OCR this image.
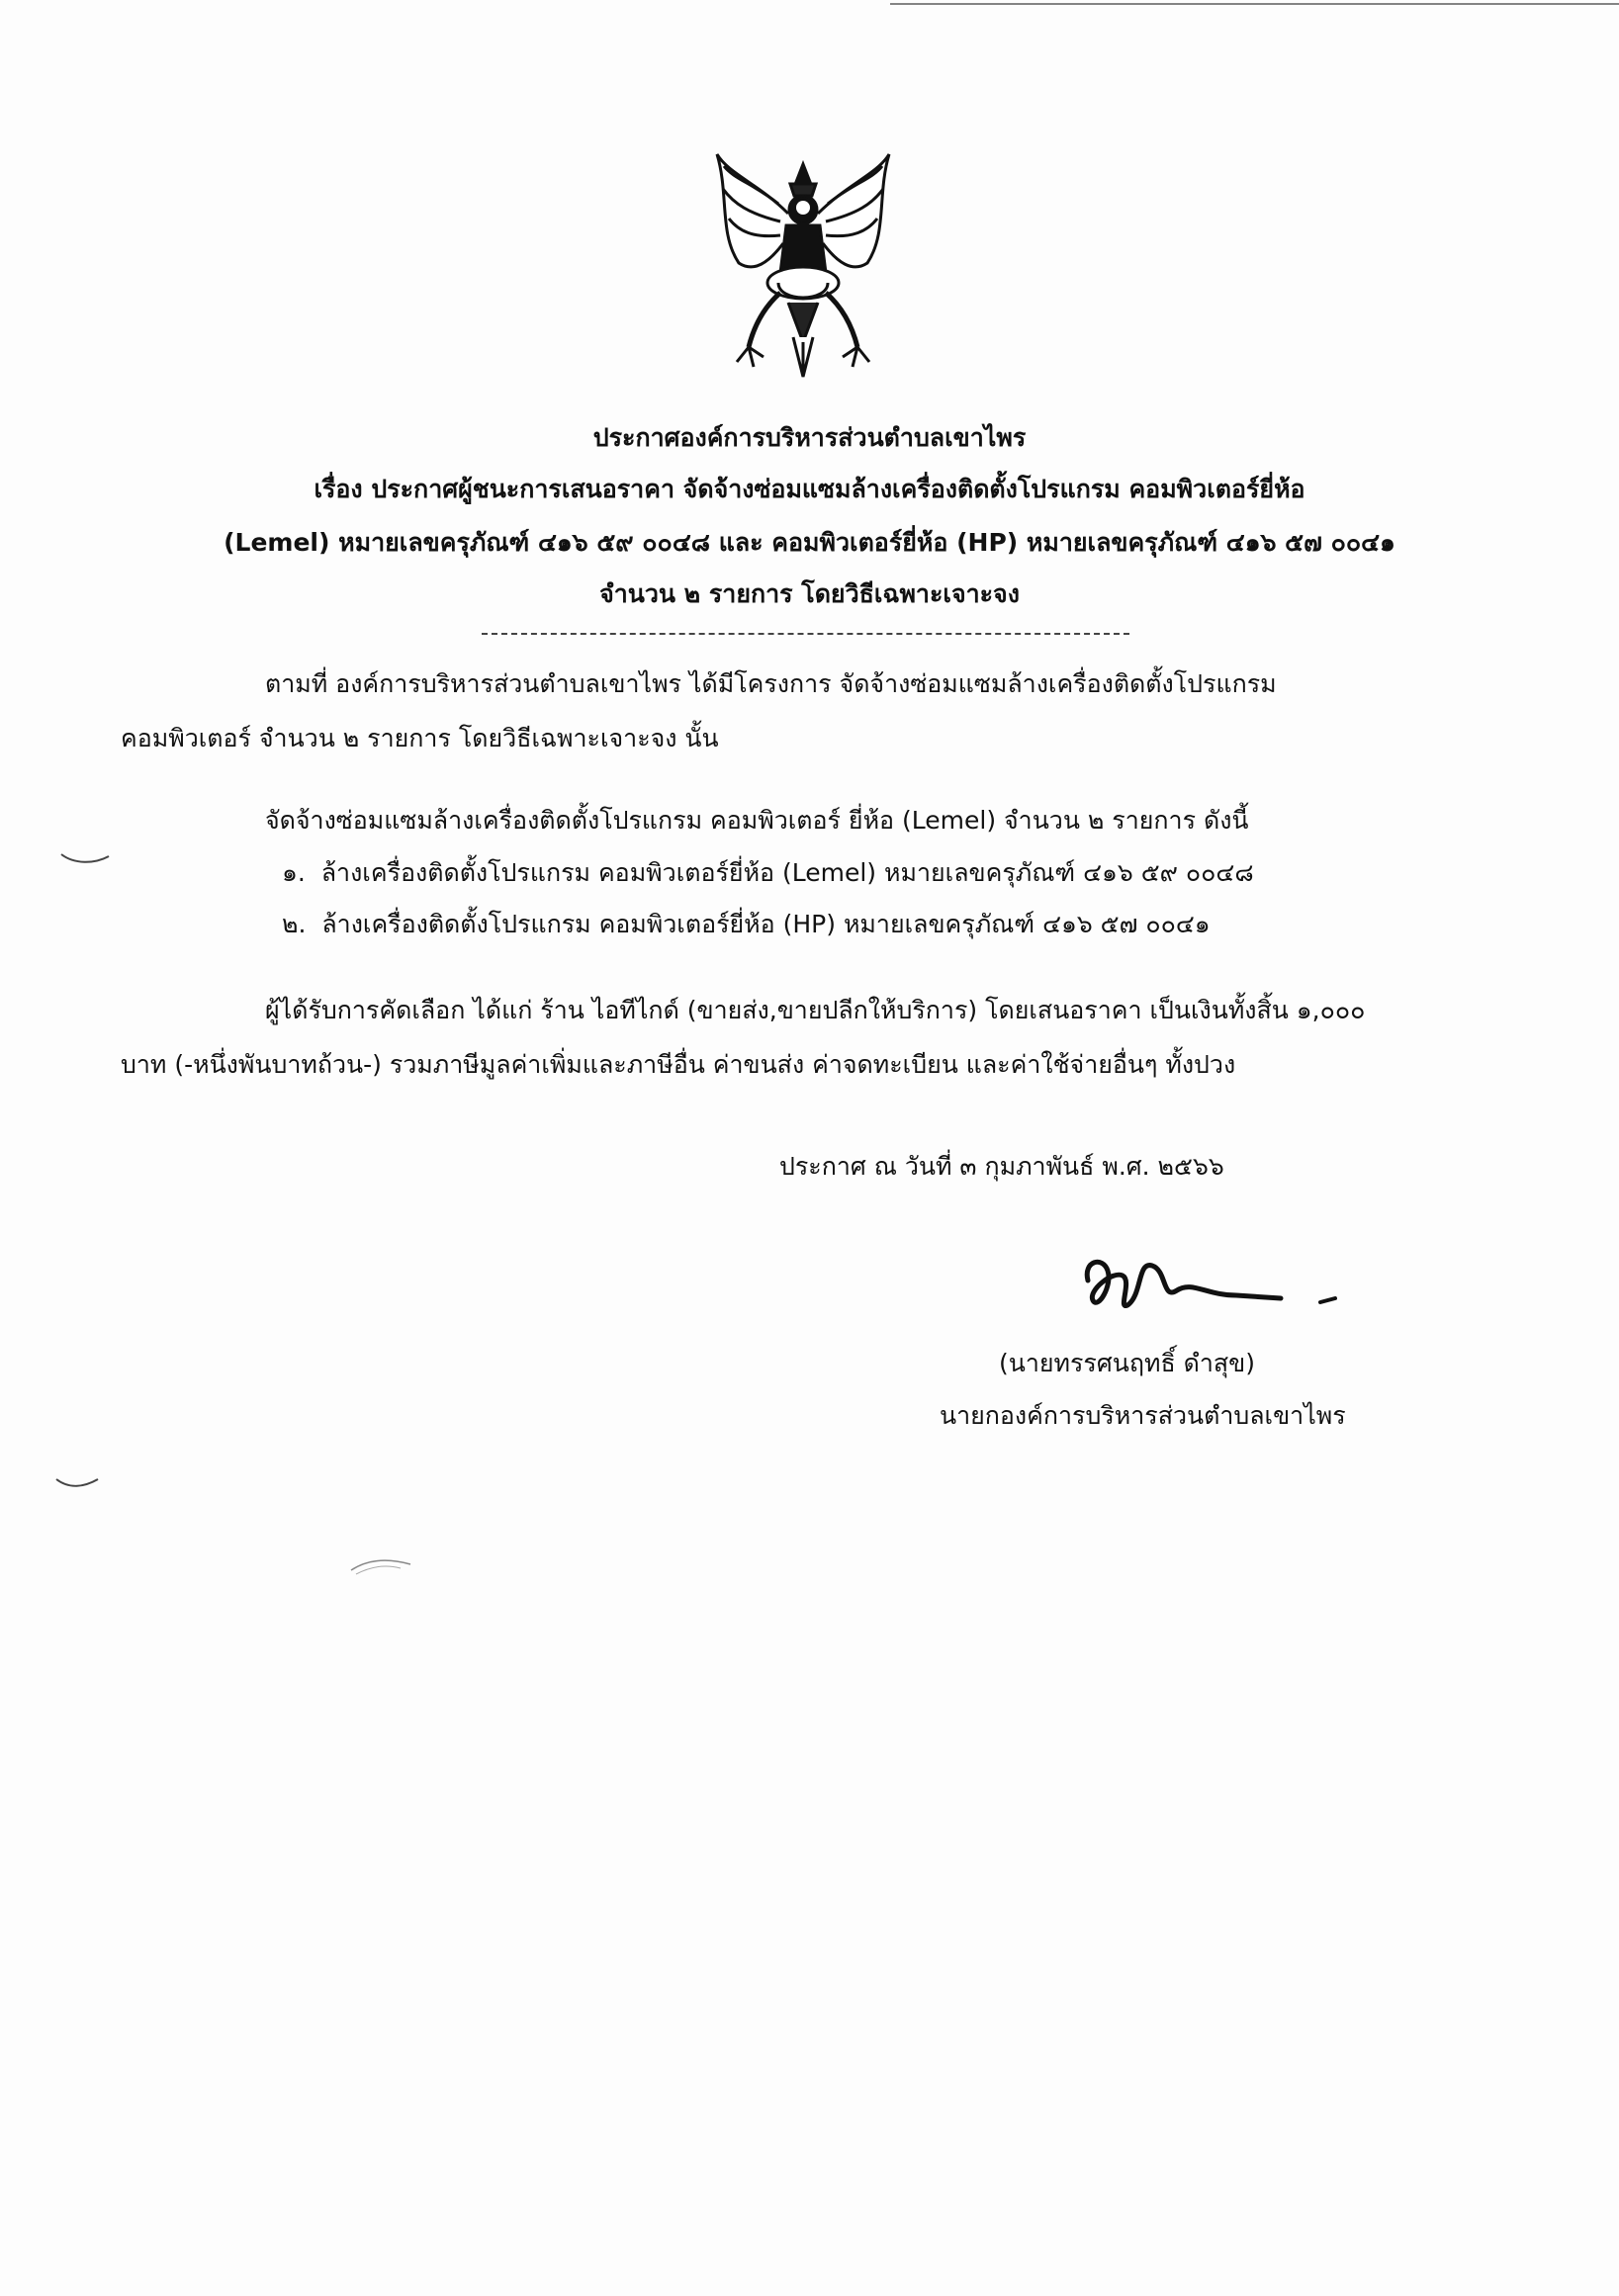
ประกาศองค์การบริหารส่วนตำบลเขาไพร
เรื่อง ประกาศผู้ชนะการเสนอราคา จัดจ้างซ่อมแซมล้างเครื่องติดตั้งโปรแกรม คอมพิวเตอร์ยี่ห้อ
(Lemel) หมายเลขครุภัณฑ์ ๔๑๖ ๕๙ ๐๐๔๘ และ คอมพิวเตอร์ยี่ห้อ (HP) หมายเลขครุภัณฑ์ ๔๑๖ ๕๗ ๐๐๔๑
จำนวน ๒ รายการ โดยวิธีเฉพาะเจาะจง
ตามที่ องค์การบริหารส่วนตำบลเขาไพร ได้มีโครงการ จัดจ้างซ่อมแซมล้างเครื่องติดตั้งโปรแกรม
คอมพิวเตอร์ จำนวน ๒ รายการ โดยวิธีเฉพาะเจาะจง นั้น
จัดจ้างซ่อมแซมล้างเครื่องติดตั้งโปรแกรม คอมพิวเตอร์ ยี่ห้อ (Lemel) จำนวน ๒ รายการ ดังนี้
๑. ล้างเครื่องติดตั้งโปรแกรม คอมพิวเตอร์ยี่ห้อ (Lemel) หมายเลขครุภัณฑ์ ๔๑๖ ๕๙ ๐๐๔๘
๒. ล้างเครื่องติดตั้งโปรแกรม คอมพิวเตอร์ยี่ห้อ (HP) หมายเลขครุภัณฑ์ ๔๑๖ ๕๗ ๐๐๔๑
ผู้ได้รับการคัดเลือก ได้แก่ ร้าน ไอทีไกด์ (ขายส่ง,ขายปลีกให้บริการ) โดยเสนอราคา เป็นเงินทั้งสิ้น ๑,๐๐๐
บาท (-หนึ่งพันบาทถ้วน-) รวมภาษีมูลค่าเพิ่มและภาษีอื่น ค่าขนส่ง ค่าจดทะเบียน และค่าใช้จ่ายอื่นๆ ทั้งปวง
ประกาศ ณ วันที่ ๓ กุมภาพันธ์ พ.ศ. ๒๕๖๖
(นายทรรศนฤทธิ์ ดำสุข)
นายกองค์การบริหารส่วนตำบลเขาไพร
